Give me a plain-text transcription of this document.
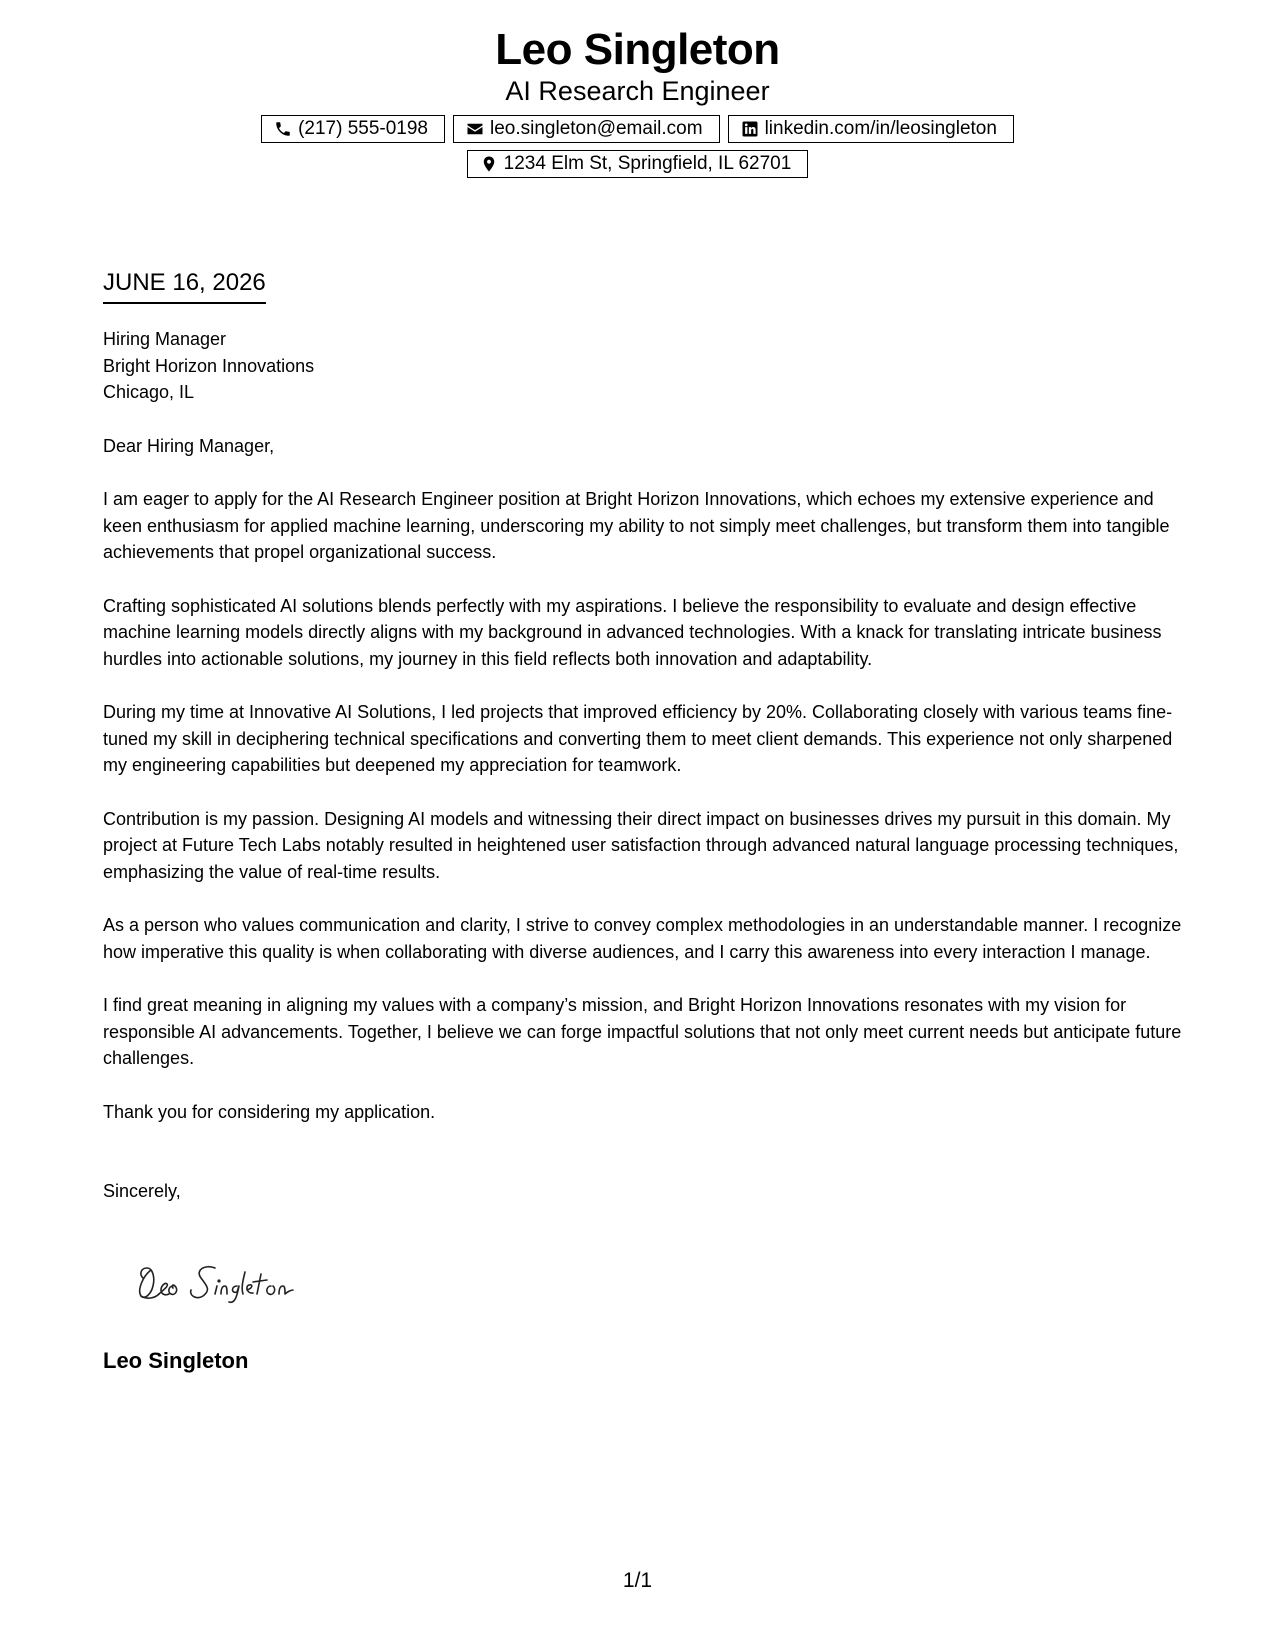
Leo Singleton
AI Research Engineer
(217) 555-0198	leo.singleton@email.com	linkedin.com/in/leosingleton
1234 Elm St, Springfield, IL 62701
JUNE 16, 2026
Hiring Manager
Bright Horizon Innovations
Chicago, IL
Dear Hiring Manager,
I am eager to apply for the AI Research Engineer position at Bright Horizon Innovations, which echoes my extensive experience and keen enthusiasm for applied machine learning, underscoring my ability to not simply meet challenges, but transform them into tangible achievements that propel organizational success.
Crafting sophisticated AI solutions blends perfectly with my aspirations. I believe the responsibility to evaluate and design effective machine learning models directly aligns with my background in advanced technologies. With a knack for translating intricate business hurdles into actionable solutions, my journey in this field reflects both innovation and adaptability.
During my time at Innovative AI Solutions, I led projects that improved efficiency by 20%. Collaborating closely with various teams fine-tuned my skill in deciphering technical specifications and converting them to meet client demands. This experience not only sharpened my engineering capabilities but deepened my appreciation for teamwork.
Contribution is my passion. Designing AI models and witnessing their direct impact on businesses drives my pursuit in this domain. My project at Future Tech Labs notably resulted in heightened user satisfaction through advanced natural language processing techniques, emphasizing the value of real-time results.
As a person who values communication and clarity, I strive to convey complex methodologies in an understandable manner. I recognize how imperative this quality is when collaborating with diverse audiences, and I carry this awareness into every interaction I manage.
I find great meaning in aligning my values with a company’s mission, and Bright Horizon Innovations resonates with my vision for responsible AI advancements. Together, I believe we can forge impactful solutions that not only meet current needs but anticipate future challenges.
Thank you for considering my application.
Sincerely,
Leo Singleton
1/1
